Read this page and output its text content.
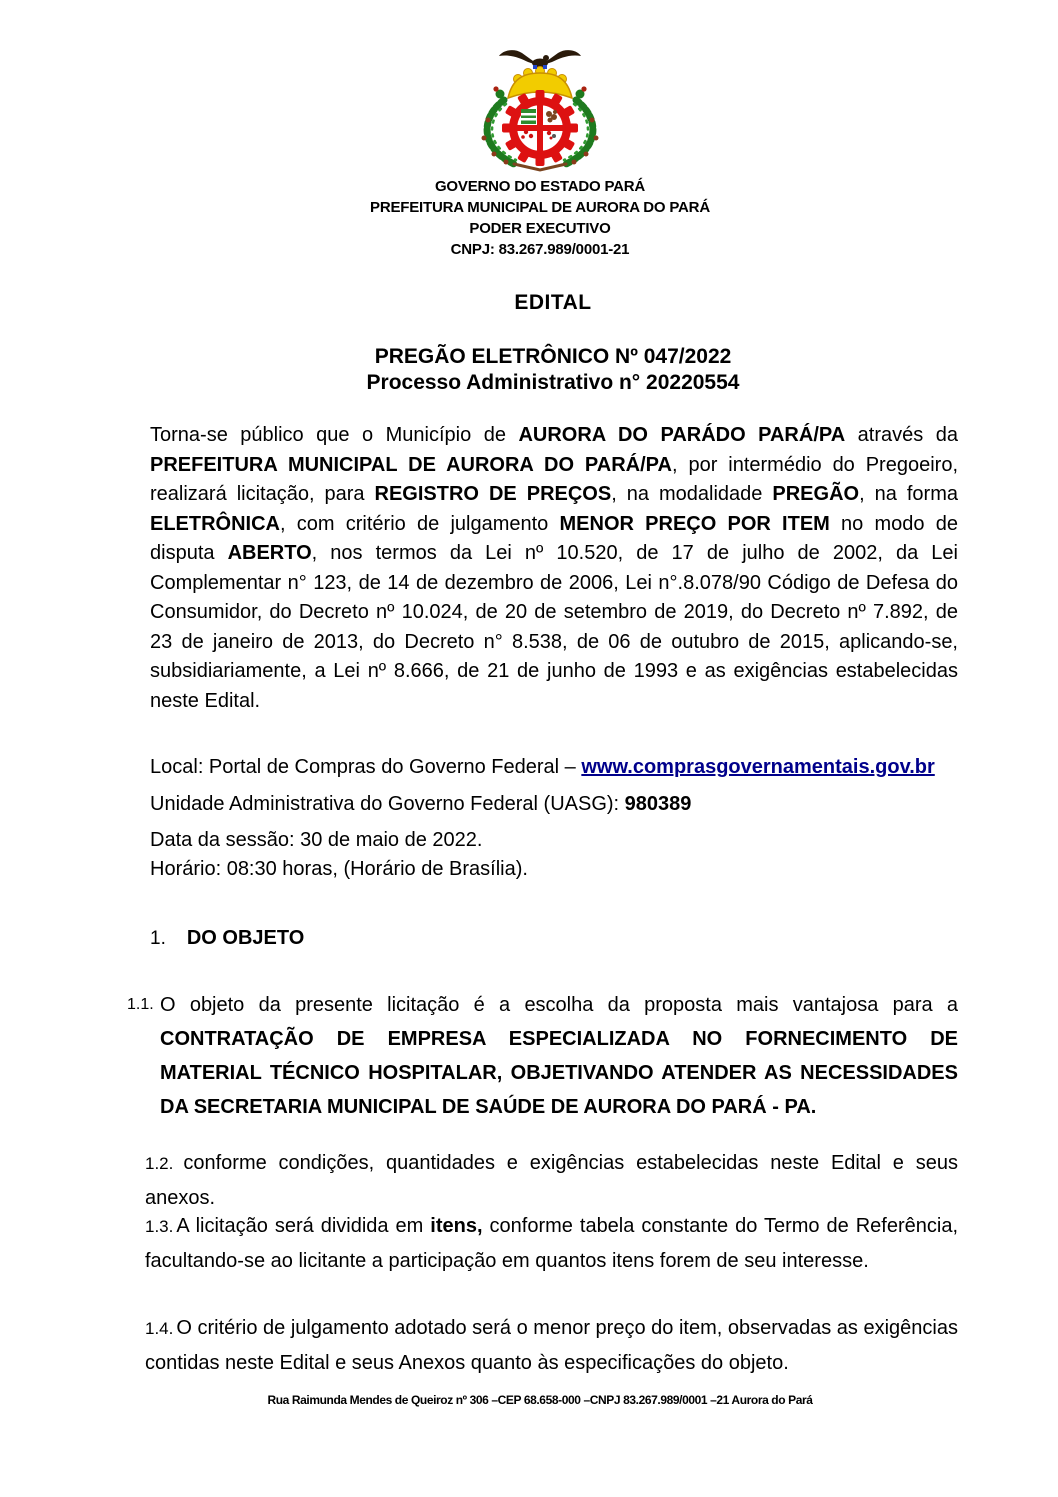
GOVERNO DO ESTADO PARÁ
PREFEITURA MUNICIPAL DE AURORA DO PARÁ
PODER EXECUTIVO
CNPJ: 83.267.989/0001-21
EDITAL
PREGÃO ELETRÔNICO Nº 047/2022
Processo Administrativo n° 20220554
Torna-se público que o Município de AURORA DO PARÁDO PARÁ/PA através da PREFEITURA MUNICIPAL DE AURORA DO PARÁ/PA, por intermédio do Pregoeiro, realizará licitação, para REGISTRO DE PREÇOS, na modalidade PREGÃO, na forma ELETRÔNICA, com critério de julgamento MENOR PREÇO POR ITEM no modo de disputa ABERTO, nos termos da Lei nº 10.520, de 17 de julho de 2002, da Lei Complementar n° 123, de 14 de dezembro de 2006, Lei n°.8.078/90 Código de Defesa do Consumidor, do Decreto nº 10.024, de 20 de setembro de 2019, do Decreto nº 7.892, de 23 de janeiro de 2013, do Decreto n° 8.538, de 06 de outubro de 2015, aplicando-se, subsidiariamente, a Lei nº 8.666, de 21 de junho de 1993 e as exigências estabelecidas neste Edital.
Local: Portal de Compras do Governo Federal – www.comprasgovernamentais.gov.br
Unidade Administrativa do Governo Federal (UASG): 980389
Data da sessão: 30 de maio de 2022.
Horário: 08:30 horas, (Horário de Brasília).
1. DO OBJETO
1.1. O objeto da presente licitação é a escolha da proposta mais vantajosa para a CONTRATAÇÃO DE EMPRESA ESPECIALIZADA NO FORNECIMENTO DE MATERIAL TÉCNICO HOSPITALAR, OBJETIVANDO ATENDER AS NECESSIDADES DA SECRETARIA MUNICIPAL DE SAÚDE DE AURORA DO PARÁ - PA.
1.2. conforme condições, quantidades e exigências estabelecidas neste Edital e seus anexos.
1.3. A licitação será dividida em itens, conforme tabela constante do Termo de Referência, facultando-se ao licitante a participação em quantos itens forem de seu interesse.
1.4. O critério de julgamento adotado será o menor preço do item, observadas as exigências contidas neste Edital e seus Anexos quanto às especificações do objeto.
Rua Raimunda Mendes de Queiroz nº 306 –CEP 68.658-000 –CNPJ 83.267.989/0001 –21 Aurora do Pará
